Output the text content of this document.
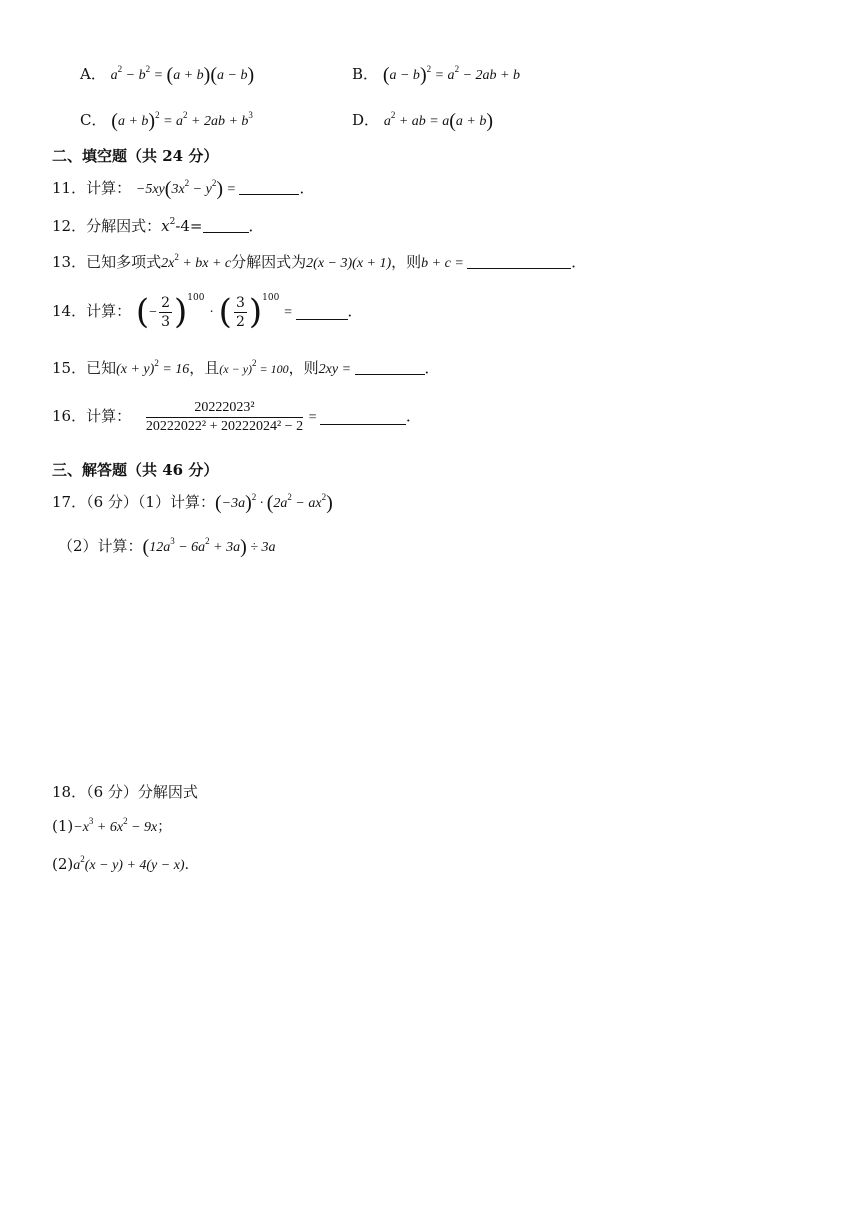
A． $a^2 - b^2 = (a + b)(a - b)$	B． $(a - b)^2 = a^2 - 2ab + b$
C． $(a + b)^2 = a^2 + 2ab + b^3$	D． $a^2$ + ab = a(a + b)
二、填空题（共 24 分）
11．计算： $-5xy(3x^2 - y^2)$ =	．
12．分解因式：$x^2-4=$	．
13．已知多项式$2x^2$ + bx + c分解因式为2(x − 3)(x + 1)，则b + c =	．
14．计算： (− $\frac{2}{3} )^{100}$ · ( $\frac{3}{2} )^{100}$ =	．
15．已知$(x + y)^2 = 16$，且$(x - y)^2 = 100$，则2xy =	．
16．计算： $\frac{\text{20222023²}}{\text{20222022² + 20222024² − 2}}$ =	．
三、解答题（共 46 分）
17．（6 分）（1）计算：$(-3a)^2 \cdot (2a^2 - ax^2)$
（2）计算：$(12a^3 - 6a^2 + 3a) \div 3a$
18．（6 分）分解因式
$(1)-x^3 + 6x^2 - 9x$；
$(2)a^2(x - y) + 4(y - x)$．
